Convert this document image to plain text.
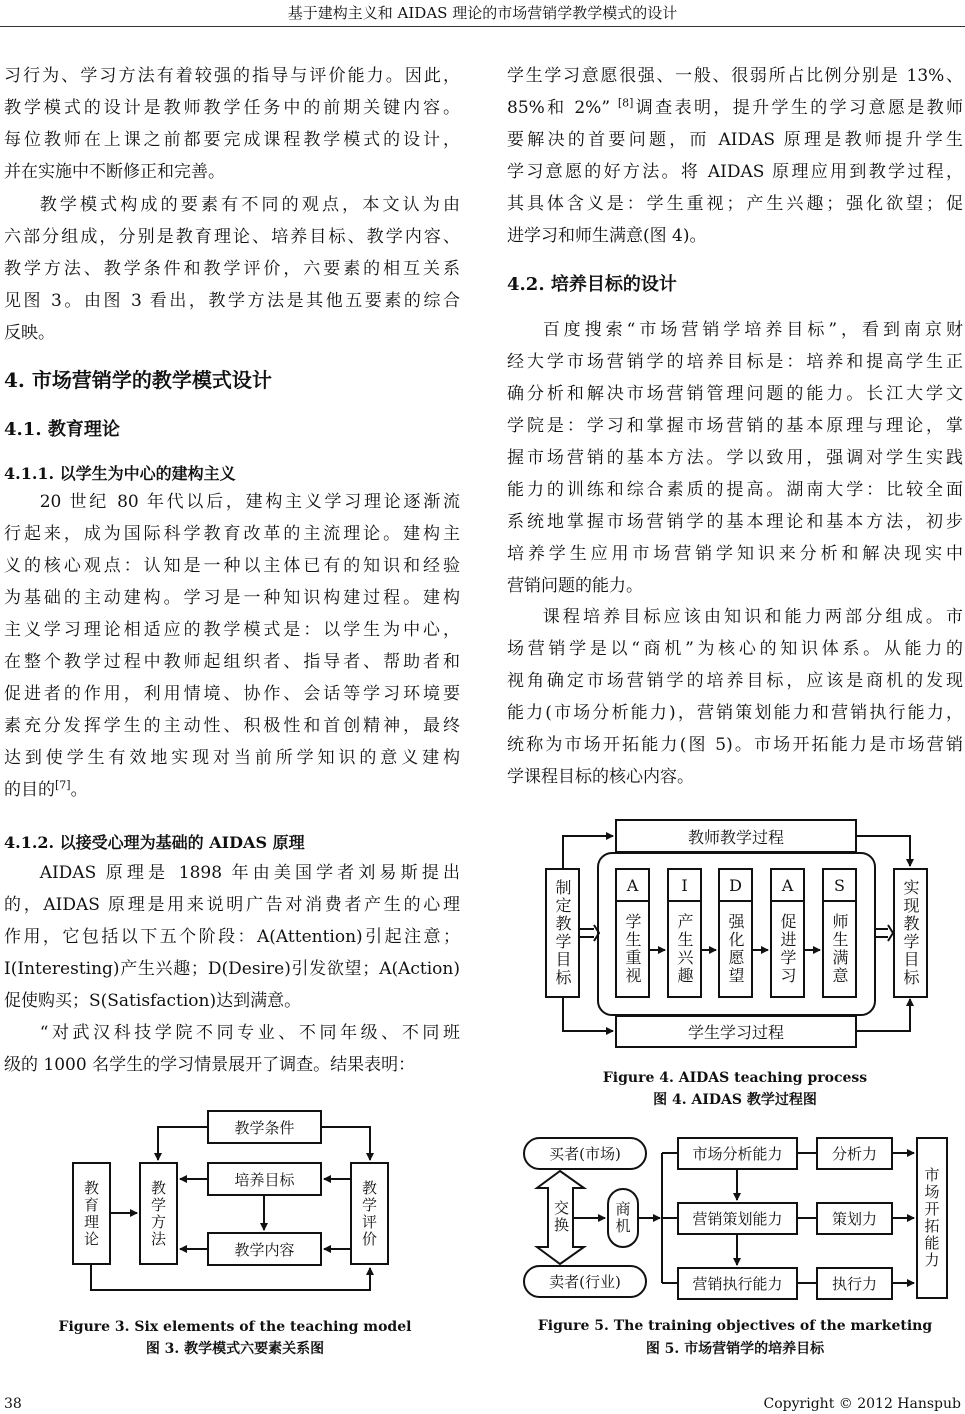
基于建构主义和 AIDAS 理论的市场营销学教学模式的设计
习行为、学习方法有着较强的指导与评价能力。因此，
教学模式的设计是教师教学任务中的前期关键内容。
每位教师在上课之前都要完成课程教学模式的设计，
并在实施中不断修正和完善。
教学模式构成的要素有不同的观点，本文认为由
六部分组成，分别是教育理论、培养目标、教学内容、
教学方法、教学条件和教学评价，六要素的相互关系
见图 3。由图 3 看出，教学方法是其他五要素的综合
反映。
4. 市场营销学的教学模式设计
4.1. 教育理论
4.1.1. 以学生为中心的建构主义
20 世纪 80 年代以后，建构主义学习理论逐渐流
行起来，成为国际科学教育改革的主流理论。建构主
义的核心观点：认知是一种以主体已有的知识和经验
为基础的主动建构。学习是一种知识构建过程。建构
主义学习理论相适应的教学模式是：以学生为中心，
在整个教学过程中教师起组织者、指导者、帮助者和
促进者的作用，利用情境、协作、会话等学习环境要
素充分发挥学生的主动性、积极性和首创精神，最终
达到使学生有效地实现对当前所学知识的意义建构
的目的[7]。
4.1.2. 以接受心理为基础的 AIDAS 原理
AIDAS 原理是 1898 年由美国学者刘易斯提出
的，AIDAS 原理是用来说明广告对消费者产生的心理
作用，它包括以下五个阶段：A(Attention)引起注意；
I(Interesting)产生兴趣；D(Desire)引发欲望；A(Action)
促使购买；S(Satisfaction)达到满意。
“对武汉科技学院不同专业、不同年级、不同班
级的 1000 名学生的学习情景展开了调查。结果表明：
学生学习意愿很强、一般、很弱所占比例分别是 13%、
85%和 2%” [8]调查表明，提升学生的学习意愿是教师
要解决的首要问题，而 AIDAS 原理是教师提升学生
学习意愿的好方法。将 AIDAS 原理应用到教学过程，
其具体含义是：学生重视；产生兴趣；强化欲望；促
进学习和师生满意(图 4)。
4.2. 培养目标的设计
百度搜索“市场营销学培养目标”，看到南京财
经大学市场营销学的培养目标是：培养和提高学生正
确分析和解决市场营销管理问题的能力。长江大学文
学院是：学习和掌握市场营销的基本原理与理论，掌
握市场营销的基本方法。学以致用，强调对学生实践
能力的训练和综合素质的提高。湖南大学：比较全面
系统地掌握市场营销学的基本理论和基本方法，初步
培养学生应用市场营销学知识来分析和解决现实中
营销问题的能力。
课程培养目标应该由知识和能力两部分组成。市
场营销学是以“商机”为核心的知识体系。从能力的
视角确定市场营销学的培养目标，应该是商机的发现
能力(市场分析能力)，营销策划能力和营销执行能力，
统称为市场开拓能力(图 5)。市场开拓能力是市场营销
学课程目标的核心内容。
教学条件
培养目标
教学内容
教育理论	教学方法	教学评价
Figure 3. Six elements of the teaching model
图 3. 教学模式六要素关系图
教师教学过程
学生学习过程
制定教学目标	实现教学目标
A
学生重视
I
产生兴趣
D
强化愿望
A
促进学习
S
师生满意
Figure 4. AIDAS teaching process
图 4. AIDAS 教学过程图
买者(市场)
卖者(行业)
交换	商机
市场分析能力
营销策划能力
营销执行能力
分析力
策划力
执行力
市场开拓能力
Figure 5. The training objectives of the marketing
图 5. 市场营销学的培养目标
38	Copyright © 2012 Hanspub
